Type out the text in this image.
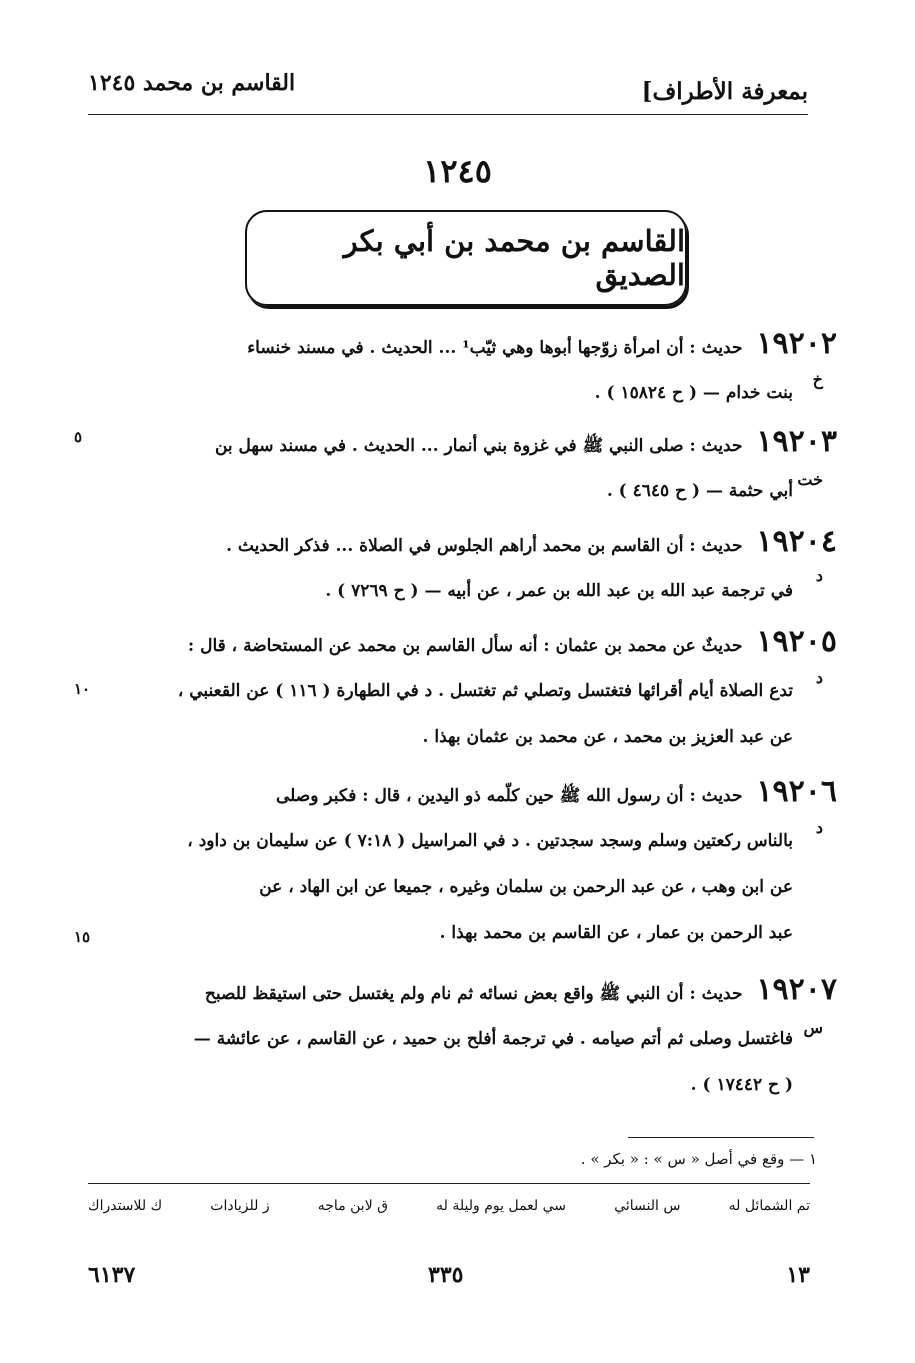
القاسم بن محمد ١٢٤٥	بمعرفة الأطراف]
١٢٤٥
القاسم بن محمد بن أبي بكر الصديق
١٩٢٠٢ حديث : أن امرأة زوّجها أبوها وهي ثيّب¹ ... الحديث . في مسند خنساء
بنت خدام — ( ح ١٥٨٢٤ ) .
خ
١٩٢٠٣ حديث : صلى النبي ﷺ في غزوة بني أنمار ... الحديث . في مسند سهل بن
أبي حثمة — ( ح ٤٦٤٥ ) .
خت
١٩٢٠٤ حديث : أن القاسم بن محمد أراهم الجلوس في الصلاة ... فذكر الحديث .
في ترجمة عبد الله بن عبد الله بن عمر ، عن أبيه — ( ح ٧٢٦٩ ) .
د
١٩٢٠٥ حديثٌ عن محمد بن عثمان : أنه سأل القاسم بن محمد عن المستحاضة ، قال :
تدع الصلاة أيام أقرائها فتغتسل وتصلي ثم تغتسل . د في الطهارة ( ١١٦ ) عن القعنبي ،
عن عبد العزيز بن محمد ، عن محمد بن عثمان بهذا .
د
١٩٢٠٦ حديث : أن رسول الله ﷺ حين كلّمه ذو اليدين ، قال : فكبر وصلى
بالناس ركعتين وسلم وسجد سجدتين . د في المراسيل ( ٧:١٨ ) عن سليمان بن داود ،
عن ابن وهب ، عن عبد الرحمن بن سلمان وغيره ، جميعا عن ابن الهاد ، عن
عبد الرحمن بن عمار ، عن القاسم بن محمد بهذا .
د
١٩٢٠٧ حديث : أن النبي ﷺ واقع بعض نسائه ثم نام ولم يغتسل حتى استيقظ للصبح
فاغتسل وصلى ثم أتم صيامه . في ترجمة أفلح بن حميد ، عن القاسم ، عن عائشة —
( ح ١٧٤٤٢ ) .
س
٥
١٠
١٥
١ — وقع في أصل « س » : « بكر » .
تم الشمائل له
س النسائي
سي لعمل يوم وليلة له
ق لابن ماجه
ز للزيادات
ك للاستدراك
١٣
٣٣٥
٦١٣٧
